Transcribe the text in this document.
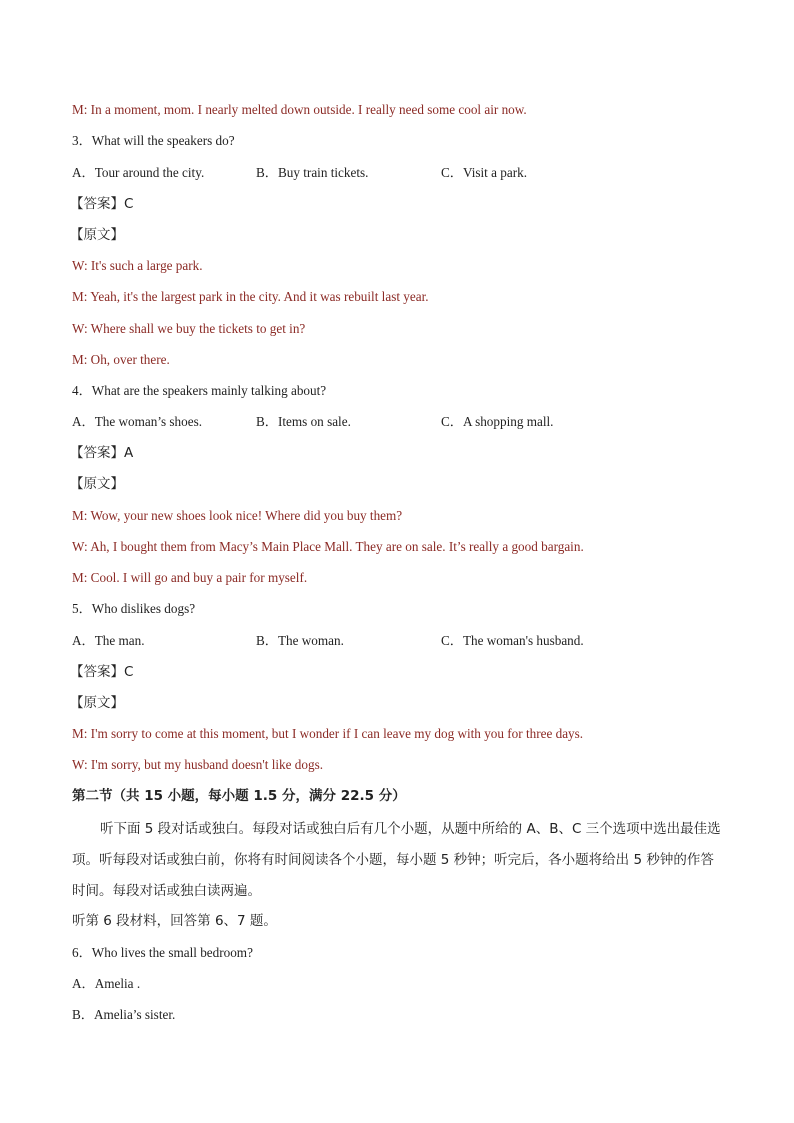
M: In a moment, mom. I nearly melted down outside. I really need some cool air now.
3．What will the speakers do?
A．Tour around the city.	B．Buy train tickets.	C．Visit a park.
【答案】C
【原文】
W: It's such a large park.
M: Yeah, it's the largest park in the city. And it was rebuilt last year.
W: Where shall we buy the tickets to get in?
M: Oh, over there.
4．What are the speakers mainly talking about?
A．The woman’s shoes.	B．Items on sale.	C．A shopping mall.
【答案】A
【原文】
M: Wow, your new shoes look nice! Where did you buy them?
W: Ah, I bought them from Macy’s Main Place Mall. They are on sale. It’s really a good bargain.
M: Cool. I will go and buy a pair for myself.
5．Who dislikes dogs?
A．The man.	B．The woman.	C．The woman's husband.
【答案】C
【原文】
M: I'm sorry to come at this moment, but I wonder if I can leave my dog with you for three days.
W: I'm sorry, but my husband doesn't like dogs.
第二节（共 15 小题，每小题 1.5 分，满分 22.5 分）
听下面 5 段对话或独白。每段对话或独白后有几个小题，从题中所给的 A、B、C 三个选项中选出最佳选项。听每段对话或独白前，你将有时间阅读各个小题，每小题 5 秒钟；听完后，各小题将给出 5 秒钟的作答时间。每段对话或独白读两遍。
听第 6 段材料，回答第 6、7 题。
6．Who lives the small bedroom?
A．Amelia .
B．Amelia’s sister.
